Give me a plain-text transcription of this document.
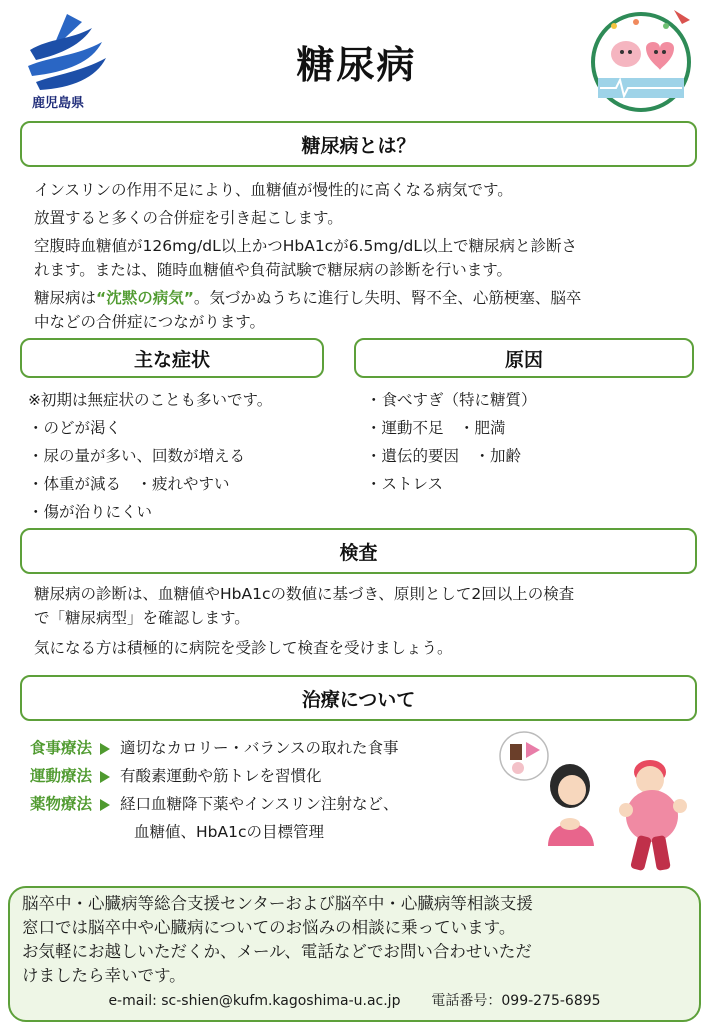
鹿児島県
糖尿病
糖尿病とは？
インスリンの作用不足により、血糖値が慢性的に高くなる病気です。
放置すると多くの合併症を引き起こします。
空腹時血糖値が126mg/dL以上かつHbA1cが6.5mg/dL以上で糖尿病と診断さ
れます。または、随時血糖値や負荷試験で糖尿病の診断を行います。
糖尿病は“沈黙の病気”。気づかぬうちに進行し失明、腎不全、心筋梗塞、脳卒
中などの合併症につながります。
主な症状
※初期は無症状のことも多いです。
・のどが渇く
・尿の量が多い、回数が増える
・体重が減る　・疲れやすい
・傷が治りにくい
原因
・食べすぎ（特に糖質）
・運動不足　・肥満
・遺伝的要因　・加齢
・ストレス
検査
糖尿病の診断は、血糖値やHbA1cの数値に基づき、原則として2回以上の検査
で「糖尿病型」を確認します。
気になる方は積極的に病院を受診して検査を受けましょう。
治療について
食事療法 適切なカロリー・バランスの取れた食事
運動療法 有酸素運動や筋トレを習慣化
薬物療法 経口血糖降下薬やインスリン注射など、
血糖値、HbA1cの目標管理
脳卒中・心臓病等総合支援センターおよび脳卒中・心臓病等相談支援
窓口では脳卒中や心臓病についてのお悩みの相談に乗っています。
お気軽にお越しいただくか、メール、電話などでお問い合わせいただ
けましたら幸いです。
e-mail: sc-shien@kufm.kagoshima-u.ac.jp 電話番号：099-275-6895
